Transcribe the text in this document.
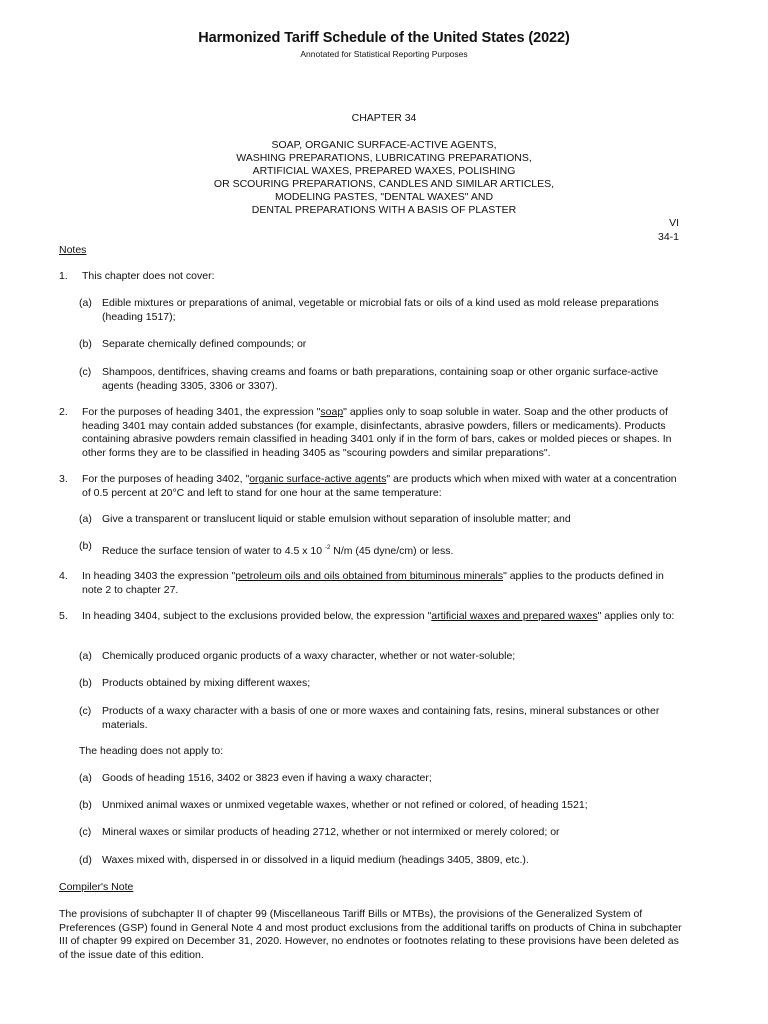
Harmonized Tariff Schedule of the United States (2022)
Annotated for Statistical Reporting Purposes
CHAPTER 34
SOAP, ORGANIC SURFACE-ACTIVE AGENTS,
WASHING PREPARATIONS, LUBRICATING PREPARATIONS,
ARTIFICIAL WAXES, PREPARED WAXES, POLISHING
OR SCOURING PREPARATIONS, CANDLES AND SIMILAR ARTICLES,
MODELING PASTES, "DENTAL WAXES" AND
DENTAL PREPARATIONS WITH A BASIS OF PLASTER
VI
34-1
Notes
1.	This chapter does not cover:
(a) Edible mixtures or preparations of animal, vegetable or microbial fats or oils of a kind used as mold release preparations (heading 1517);
(b) Separate chemically defined compounds; or
(c) Shampoos, dentifrices, shaving creams and foams or bath preparations, containing soap or other organic surface-active agents (heading 3305, 3306 or 3307).
2.	For the purposes of heading 3401, the expression "soap" applies only to soap soluble in water. Soap and the other products of heading 3401 may contain added substances (for example, disinfectants, abrasive powders, fillers or medicaments). Products containing abrasive powders remain classified in heading 3401 only if in the form of bars, cakes or molded pieces or shapes. In other forms they are to be classified in heading 3405 as "scouring powders and similar preparations".
3.	For the purposes of heading 3402, "organic surface-active agents" are products which when mixed with water at a concentration of 0.5 percent at 20°C and left to stand for one hour at the same temperature:
(a) Give a transparent or translucent liquid or stable emulsion without separation of insoluble matter; and
(b) Reduce the surface tension of water to 4.5 x 10 $^{-2}$ N/m (45 dyne/cm) or less.
4.	In heading 3403 the expression "petroleum oils and oils obtained from bituminous minerals" applies to the products defined in note 2 to chapter 27.
5.	In heading 3404, subject to the exclusions provided below, the expression "artificial waxes and prepared waxes" applies only to:
(a) Chemically produced organic products of a waxy character, whether or not water-soluble;
(b) Products obtained by mixing different waxes;
(c) Products of a waxy character with a basis of one or more waxes and containing fats, resins, mineral substances or other materials.
The heading does not apply to:
(a) Goods of heading 1516, 3402 or 3823 even if having a waxy character;
(b) Unmixed animal waxes or unmixed vegetable waxes, whether or not refined or colored, of heading 1521;
(c) Mineral waxes or similar products of heading 2712, whether or not intermixed or merely colored; or
(d) Waxes mixed with, dispersed in or dissolved in a liquid medium (headings 3405, 3809, etc.).
Compiler's Note
The provisions of subchapter II of chapter 99 (Miscellaneous Tariff Bills or MTBs), the provisions of the Generalized System of Preferences (GSP) found in General Note 4 and most product exclusions from the additional tariffs on products of China in subchapter III of chapter 99 expired on December 31, 2020. However, no endnotes or footnotes relating to these provisions have been deleted as of the issue date of this edition.
